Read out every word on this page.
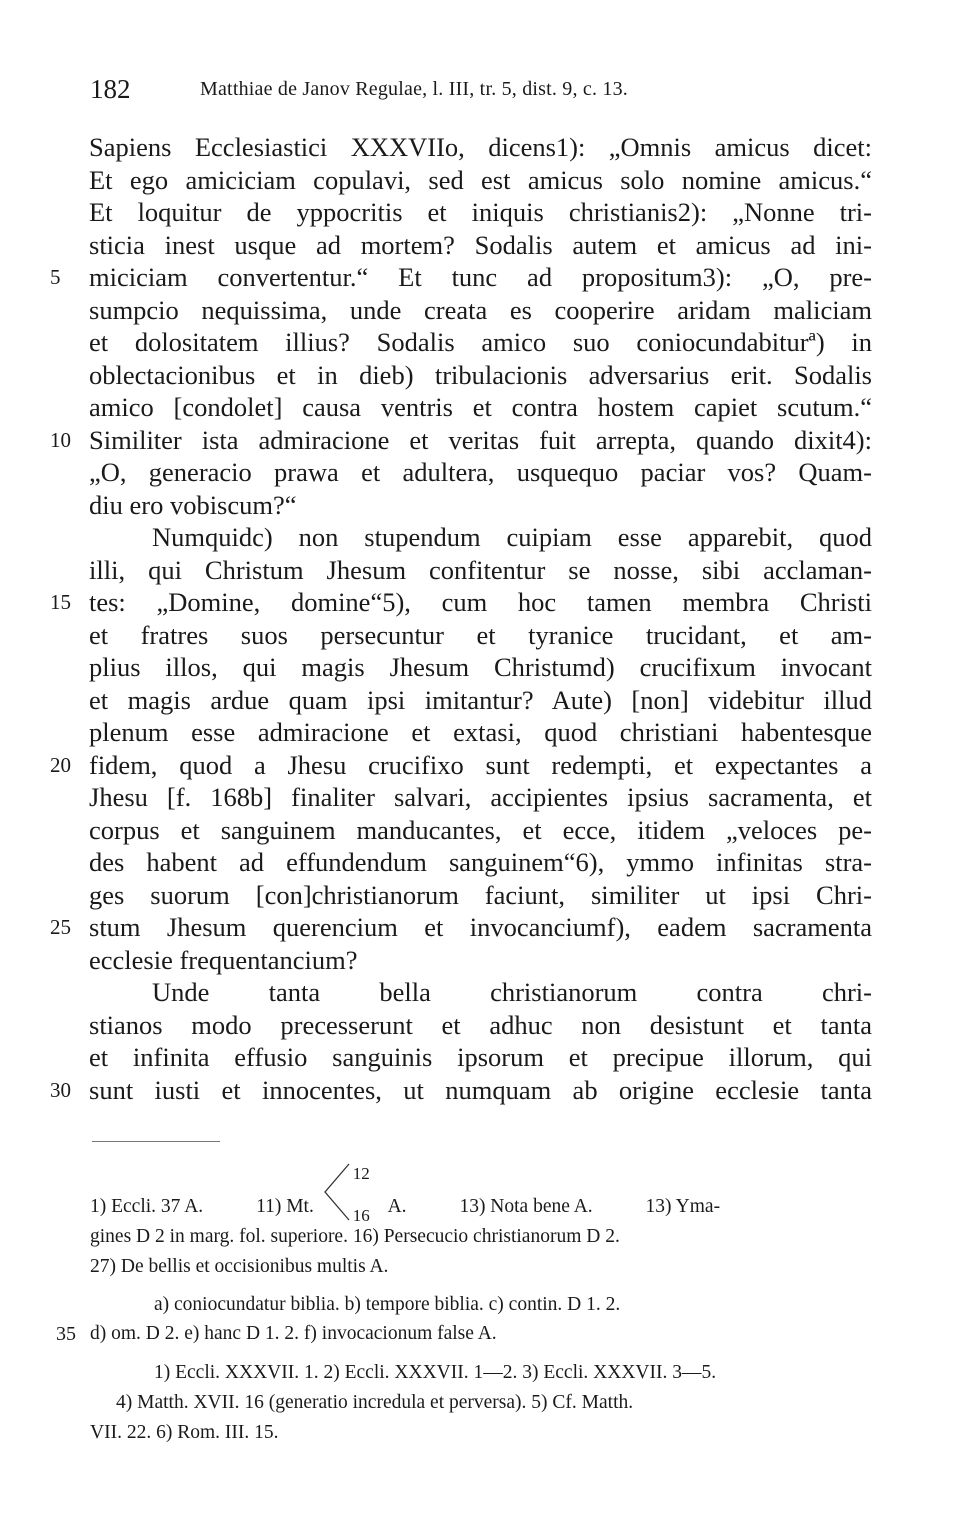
182	Matthiae de Janov Regulae, l. III, tr. 5, dist. 9, c. 13.
Sapiens Ecclesiastici XXXVIIo, dicens1): „Omnis amicus dicet:
Et ego amiciciam copulavi, sed est amicus solo nomine amicus.“
Et loquitur de yppocritis et iniquis christianis2): „Nonne tri-
sticia inest usque ad mortem? Sodalis autem et amicus ad ini-
miciciam convertentur.“ Et tunc ad propositum3): „O, pre-
5
sumpcio nequissima, unde creata es cooperire aridam maliciam
et dolositatem illius? Sodalis amico suo coniocundabiturª) in
oblectacionibus et in dieb) tribulacionis adversarius erit. Sodalis
amico [condolet] causa ventris et contra hostem capiet scutum.“
Similiter ista admiracione et veritas fuit arrepta, quando dixit4):
10
„O, generacio prawa et adultera, usquequo paciar vos? Quam-
diu ero vobiscum?“
Numquidc) non stupendum cuipiam esse apparebit, quod
illi, qui Christum Jhesum confitentur se nosse, sibi acclaman-
tes: „Domine, domine“5), cum hoc tamen membra Christi
15
et fratres suos persecuntur et tyranice trucidant, et am-
plius illos, qui magis Jhesum Christumd) crucifixum invocant
et magis ardue quam ipsi imitantur? Aute) [non] videbitur illud
plenum esse admiracione et extasi, quod christiani habentesque
fidem, quod a Jhesu crucifixo sunt redempti, et expectantes a
20
Jhesu [f. 168b] finaliter salvari, accipientes ipsius sacramenta, et
corpus et sanguinem manducantes, et ecce, itidem „veloces pe-
des habent ad effundendum sanguinem“6), ymmo infinitas stra-
ges suorum [con]christianorum faciunt, similiter ut ipsi Chri-
stum Jhesum querencium et invocanciumf), eadem sacramenta
25
ecclesie frequentancium?
Unde tanta bella christianorum contra chri-
stianos modo precesserunt et adhuc non desistunt et tanta
et infinita effusio sanguinis ipsorum et precipue illorum, qui
sunt iusti et innocentes, ut numquam ab origine ecclesie tanta
30
1) Eccli. 37 A.	11) Mt.
12
16 A.	13) Nota bene A.	13) Yma-
gines D 2 in marg. fol. superiore. 16) Persecucio christianorum D 2.
27) De bellis et occisionibus multis A.
a) coniocundatur biblia. b) tempore biblia. c) contin. D 1. 2.
35 d) om. D 2. e) hanc D 1. 2. f) invocacionum false A.
1) Eccli. XXXVII. 1. 2) Eccli. XXXVII. 1—2. 3) Eccli. XXXVII. 3—5.
4) Matth. XVII. 16 (generatio incredula et perversa). 5) Cf. Matth.
VII. 22. 6) Rom. III. 15.
